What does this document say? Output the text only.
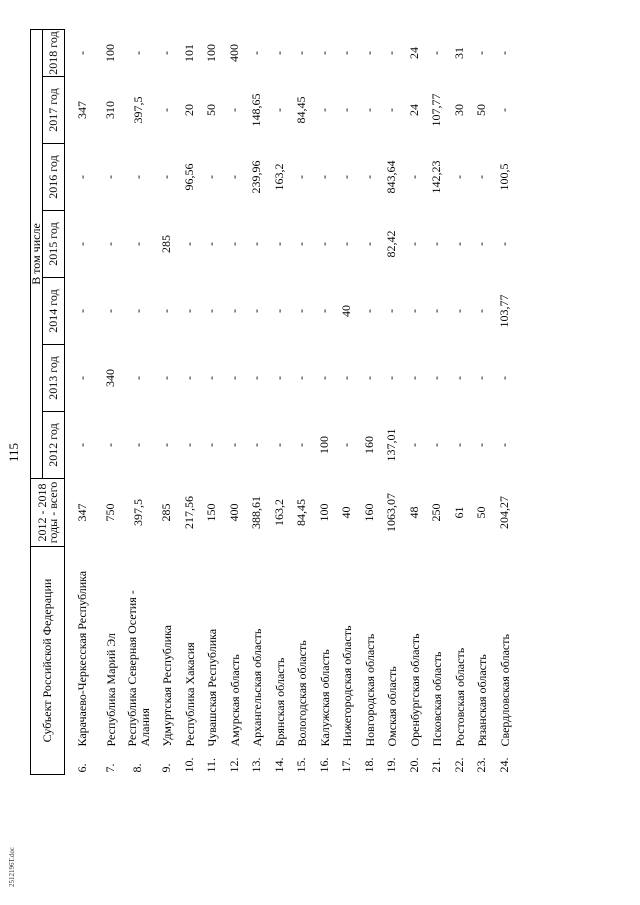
115
Субъект Российской Федерации	2012 - 2018 годы - всего	В том числе						
		2012 год	2013 год	2014 год	2015 год	2016 год	2017 год	2018 год
6.Карачаево-Черкесская Республика	347	-	-	-	-	-	347	-
7.Республика Марий Эл	750	-	340	-	-	-	310	100
8.Республика Северная Осетия - Алания	397,5	-	-	-	-	-	397,5	-
9.Удмуртская Республика	285	-	-	-	285	-	-	-
10.Республика Хакасия	217,56	-	-	-	-	96,56	20	101
11.Чувашская Республика	150	-	-	-	-	-	50	100
12.Амурская область	400	-	-	-	-	-	-	400
13.Архангельская область	388,61	-	-	-	-	239,96	148,65	-
14.Брянская область	163,2	-	-	-	-	163,2	-	-
15.Вологодская область	84,45	-	-	-	-	-	84,45	-
16.Калужская область	100	100	-	-	-	-	-	-
17.Нижегородская область	40	-	-	40	-	-	-	-
18.Новгородская область	160	160	-	-	-	-	-	-
19.Омская область	1063,07	137,01	-	-	82,42	843,64	-	-
20.Оренбургская область	48	-	-	-	-	-	24	24
21.Псковская область	250	-	-	-	-	142,23	107,77	-
22.Ростовская область	61	-	-	-	-	-	30	31
23.Рязанская область	50	-	-	-	-	-	50	-
24.Свердловская область	204,27	-	-	103,77	-	100,5	-	-
2512196Т.doc
